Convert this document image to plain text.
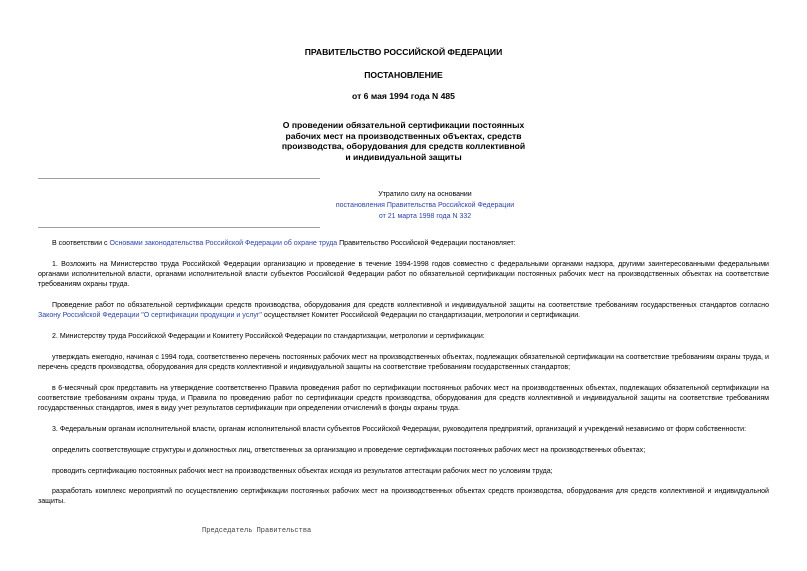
ПРАВИТЕЛЬСТВО РОССИЙСКОЙ ФЕДЕРАЦИИ
ПОСТАНОВЛЕНИЕ
от 6 мая 1994 года N 485
О проведении обязательной сертификации постоянных
рабочих мест на производственных объектах, средств
производства, оборудования для средств коллективной
и индивидуальной защиты
Утратило силу на основании
постановления Правительства Российской Федерации
от 21 марта 1998 года N 332

В соответствии с Основами законодательства Российской Федерации об охране труда Правительство Российской Федерации постановляет:

1. Возложить на Министерство труда Российской Федерации организацию и проведение в течение 1994-1998 годов совместно с федеральными органами надзора, другими заинтересованными федеральными органами исполнительной власти, органами исполнительной власти субъектов Российской Федерации работ по обязательной сертификации постоянных рабочих мест на производственных объектах на соответствие требованиям охраны труда.

Проведение работ по обязательной сертификации средств производства, оборудования для средств коллективной и индивидуальной защиты на соответствие требованиям государственных стандартов согласно Закону Российской Федерации "О сертификации продукции и услуг" осуществляет Комитет Российской Федерации по стандартизации, метрологии и сертификации.

2. Министерству труда Российской Федерации и Комитету Российской Федерации по стандартизации, метрологии и сертификации:

утверждать ежегодно, начиная с 1994 года, соответственно перечень постоянных рабочих мест на производственных объектах, подлежащих обязательной сертификации на соответствие требованиям охраны труда, и перечень средств производства, оборудования для средств коллективной и индивидуальной защиты на соответствие требованиям государственных стандартов;

в 6-месячный срок представить на утверждение соответственно Правила проведения работ по сертификации постоянных рабочих мест на производственных объектах, подлежащих обязательной сертификации на соответствие требованиям охраны труда, и Правила по проведению работ по сертификации средств производства, оборудования для средств коллективной и индивидуальной защиты на соответствие требованиям государственных стандартов, имея в виду учет результатов сертификации при определении отчислений в фонды охраны труда.

3. Федеральным органам исполнительной власти, органам исполнительной власти субъектов Российской Федерации, руководителя предприятий, организаций и учреждений независимо от форм собственности:

определить соответствующие структуры и должностных лиц, ответственных за организацию и проведение сертификации постоянных рабочих мест на производственных объектах;

проводить сертификацию постоянных рабочих мест на производственных объектах исходя из результатов аттестации рабочих мест по условиям труда;

разработать комплекс мероприятий по осуществлению сертификации постоянных рабочих мест на производственных объектах средств производства, оборудования для средств коллективной и индивидуальной защиты.

Председатель Правительства
